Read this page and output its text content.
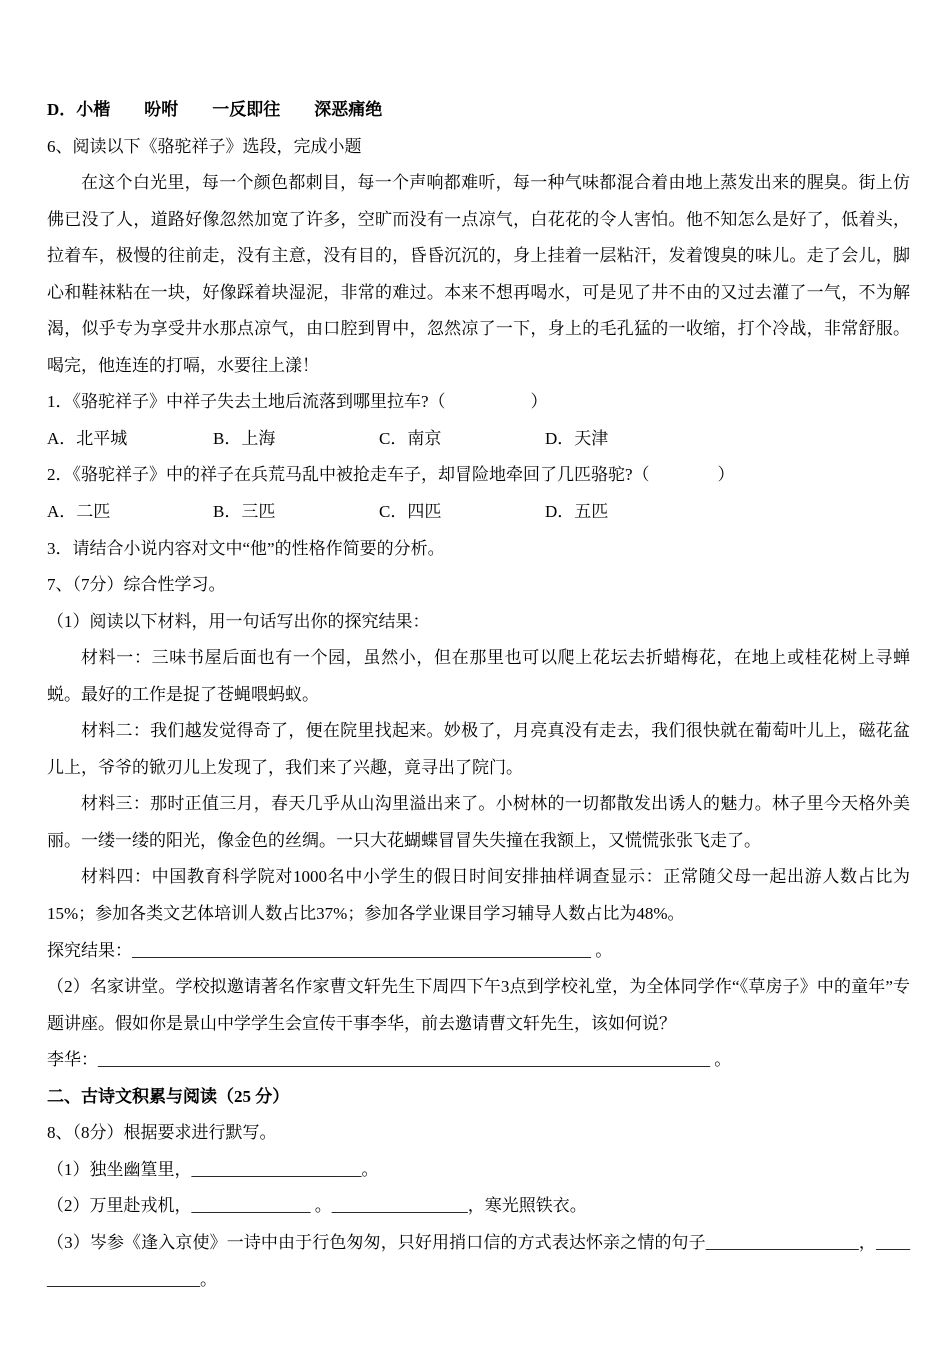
D．小楷　　吩咐　　一反即往　　深恶痛绝

6、阅读以下《骆驼祥子》选段，完成小题

在这个白光里，每一个颜色都刺目，每一个声响都难听，每一种气味都混合着由地上蒸发出来的腥臭。街上仿佛已没了人，道路好像忽然加宽了许多，空旷而没有一点凉气，白花花的令人害怕。他不知怎么是好了，低着头，拉着车，极慢的往前走，没有主意，没有目的，昏昏沉沉的，身上挂着一层粘汗，发着馊臭的味儿。走了会儿，脚心和鞋袜粘在一块，好像踩着块湿泥，非常的难过。本来不想再喝水，可是见了井不由的又过去灌了一气，不为解渴，似乎专为享受井水那点凉气，由口腔到胃中，忽然凉了一下，身上的毛孔猛的一收缩，打个冷战，非常舒服。喝完，他连连的打嗝，水要往上漾！

1．《骆驼祥子》中祥子失去土地后流落到哪里拉车?（　　　　　）

A．北平城	B．上海	C．南京	D．天津

2．《骆驼祥子》中的祥子在兵荒马乱中被抢走车子，却冒险地牵回了几匹骆驼?（　　　　）

A．二匹	B．三匹	C．四匹	D．五匹

3．请结合小说内容对文中“他”的性格作简要的分析。

7、（7分）综合性学习。

（1）阅读以下材料，用一句话写出你的探究结果：

材料一：三味书屋后面也有一个园，虽然小，但在那里也可以爬上花坛去折蜡梅花，在地上或桂花树上寻蝉蜕。最好的工作是捉了苍蝇喂蚂蚁。

材料二：我们越发觉得奇了，便在院里找起来。妙极了，月亮真没有走去，我们很快就在葡萄叶儿上，磁花盆儿上，爷爷的锨刃儿上发现了，我们来了兴趣，竟寻出了院门。

材料三：那时正值三月，春天几乎从山沟里溢出来了。小树林的一切都散发出诱人的魅力。林子里今天格外美丽。一缕一缕的阳光，像金色的丝绸。一只大花蝴蝶冒冒失失撞在我额上，又慌慌张张飞走了。

材料四：中国教育科学院对1000名中小学生的假日时间安排抽样调查显示：正常随父母一起出游人数占比为15%；参加各类文艺体培训人数占比37%；参加各学业课目学习辅导人数占比为48%。

探究结果：______________________________________________________ 。

（2）名家讲堂。学校拟邀请著名作家曹文轩先生下周四下午3点到学校礼堂，为全体同学作“《草房子》中的童年”专题讲座。假如你是景山中学学生会宣传干事李华，前去邀请曹文轩先生，该如何说？

李华：________________________________________________________________________ 。

二、古诗文积累与阅读（25 分）

8、（8分）根据要求进行默写。

（1）独坐幽篁里，____________________。

（2）万里赴戎机，______________ 。________________，寒光照铁衣。

（3）岑参《逢入京使》一诗中由于行色匆匆，只好用捎口信的方式表达怀亲之情的句子__________________，______________________。
